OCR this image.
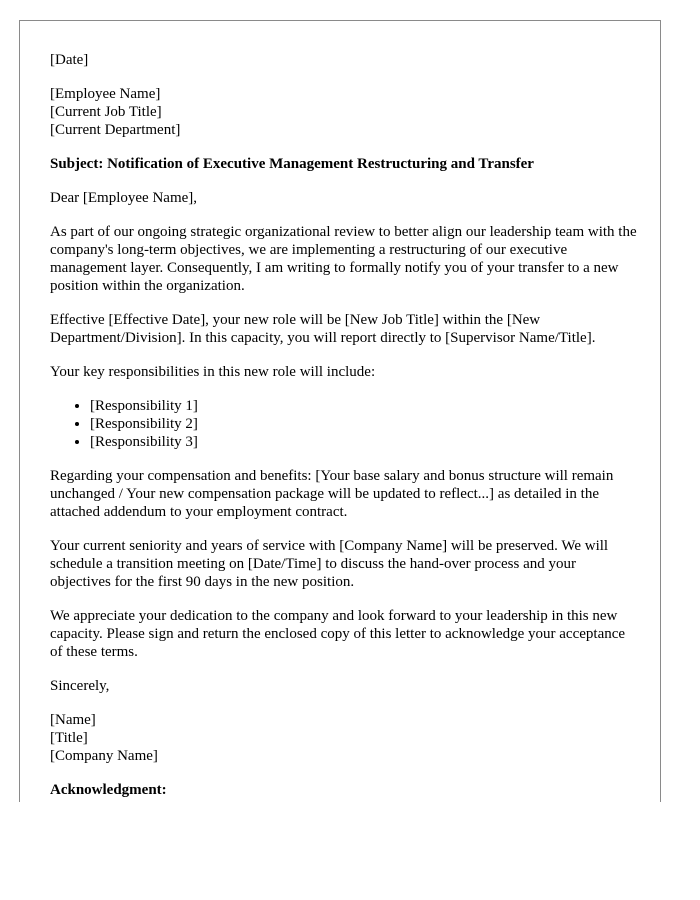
[Date]

[Employee Name]
[Current Job Title]
[Current Department]

Subject: Notification of Executive Management Restructuring and Transfer

Dear [Employee Name],

As part of our ongoing strategic organizational review to better align our leadership team with the company's long-term objectives, we are implementing a restructuring of our executive management layer. Consequently, I am writing to formally notify you of your transfer to a new position within the organization.

Effective [Effective Date], your new role will be [New Job Title] within the [New Department/Division]. In this capacity, you will report directly to [Supervisor Name/Title].

Your key responsibilities in this new role will include:

• [Responsibility 1]
• [Responsibility 2]
• [Responsibility 3]

Regarding your compensation and benefits: [Your base salary and bonus structure will remain unchanged / Your new compensation package will be updated to reflect...] as detailed in the attached addendum to your employment contract.

Your current seniority and years of service with [Company Name] will be preserved. We will schedule a transition meeting on [Date/Time] to discuss the hand-over process and your objectives for the first 90 days in the new position.

We appreciate your dedication to the company and look forward to your leadership in this new capacity. Please sign and return the enclosed copy of this letter to acknowledge your acceptance of these terms.

Sincerely,

[Name]
[Title]
[Company Name]

Acknowledgment:
